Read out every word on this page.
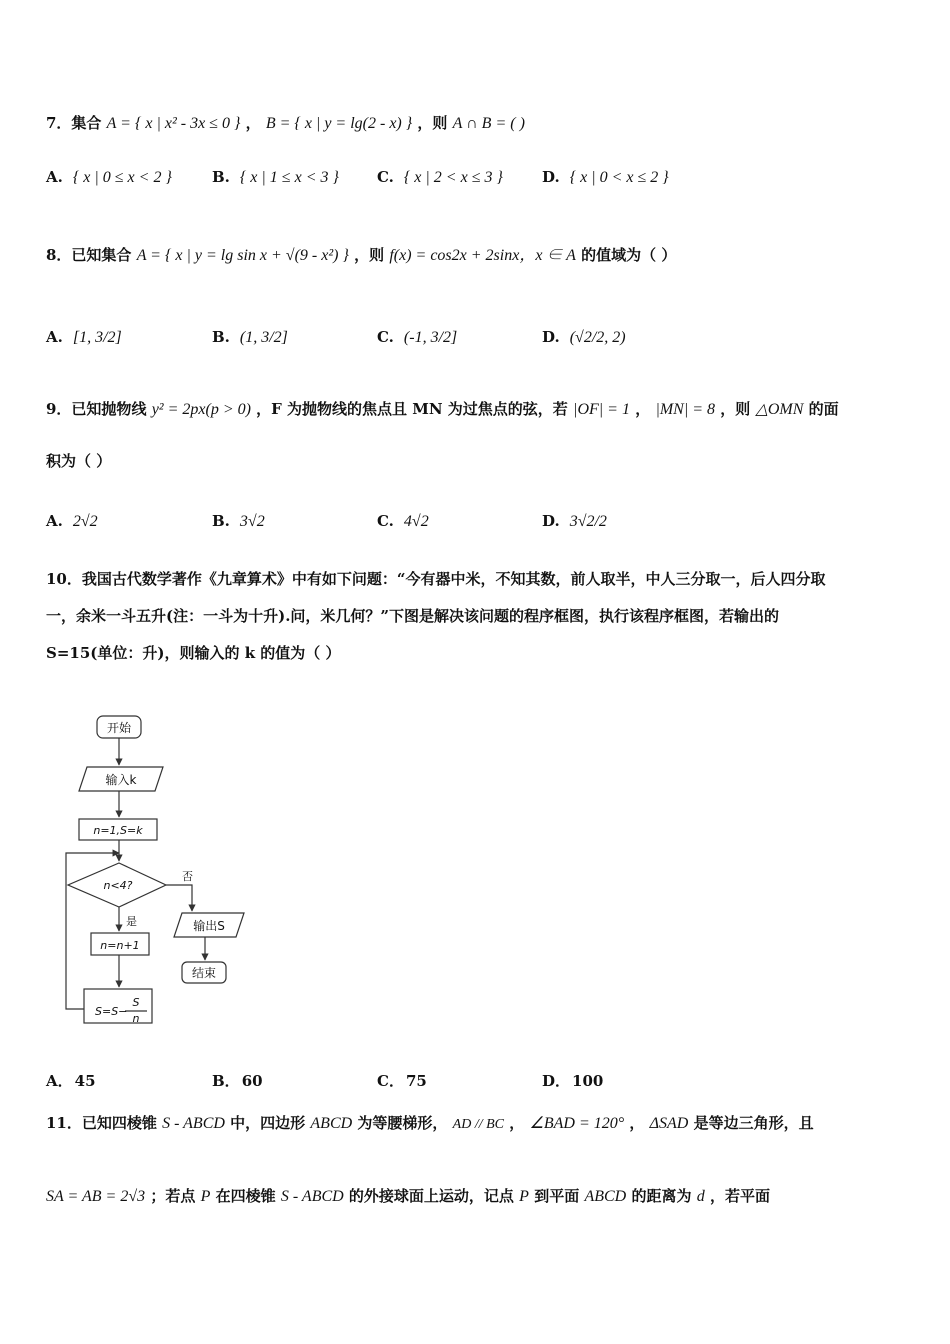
7．集合 A = { x | x² - 3x ≤ 0 } ， B = { x | y = lg(2 - x) } ，则 A ∩ B = ( )
A. { x | 0 ≤ x < 2 }	B. { x | 1 ≤ x < 3 }	C. { x | 2 < x ≤ 3 }	D. { x | 0 < x ≤ 2 }
8．已知集合 A = { x | y = lg sin x + √(9 - x²) } ，则 f(x) = cos2x + 2sinx，x ∈ A 的值域为（ ）
A. [1, 3/2]	B. (1, 3/2]	C. (-1, 3/2]	D. (√2/2, 2)
9．已知抛物线 y² = 2px(p > 0) ，F 为抛物线的焦点且 MN 为过焦点的弦，若 |OF| = 1 ， |MN| = 8 ，则 △OMN 的面
积为（ ）
A. 2√2	B. 3√2	C. 4√2	D. 3√2/2
10．我国古代数学著作《九章算术》中有如下问题：“今有器中米，不知其数，前人取半，中人三分取一，后人四分取
一，余米一斗五升(注：一斗为十升).问，米几何？”下图是解决该问题的程序框图，执行该程序框图，若输出的
S=15(单位：升)，则输入的 k 的值为（ ）
开始
输入k
n=1,S=k
n<4?
否
是	输出S
结束
n=n+1
S=S−
S
n
A． 45	B． 60	C． 75	D． 100
11．已知四棱锥 S - ABCD 中，四边形 ABCD 为等腰梯形， AD // BC ， ∠BAD = 120° ， ΔSAD 是等边三角形，且
SA = AB = 2√3 ；若点 P 在四棱锥 S - ABCD 的外接球面上运动，记点 P 到平面 ABCD 的距离为 d ，若平面
